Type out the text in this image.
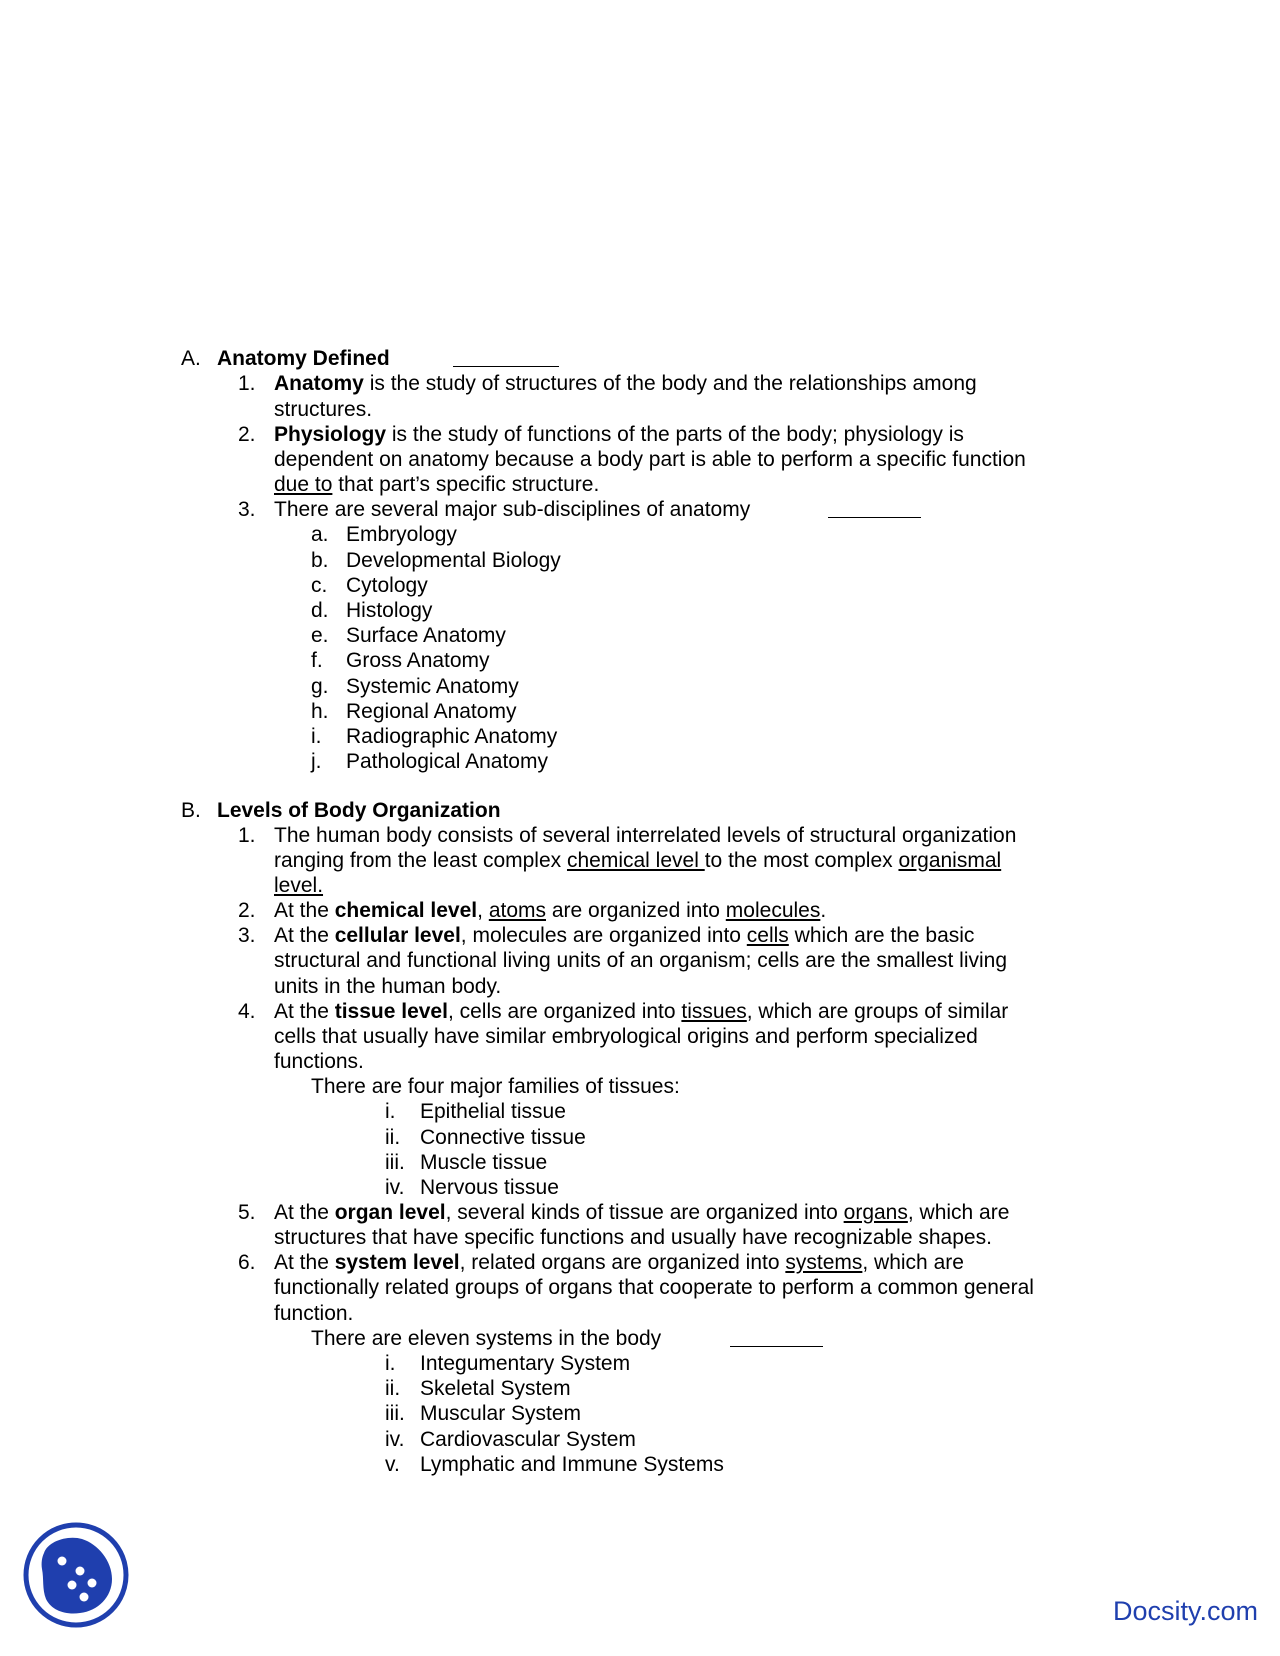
A. Anatomy Defined
1. Anatomy is the study of structures of the body and the relationships among
structures.
2. Physiology is the study of functions of the parts of the body; physiology is
dependent on anatomy because a body part is able to perform a specific function
due to that part’s specific structure.
3. There are several major sub-disciplines of anatomy
a. Embryology
b. Developmental Biology
c. Cytology
d. Histology
e. Surface Anatomy
f. Gross Anatomy
g. Systemic Anatomy
h. Regional Anatomy
i. Radiographic Anatomy
j. Pathological Anatomy
B. Levels of Body Organization
1. The human body consists of several interrelated levels of structural organization
ranging from the least complex chemical level to the most complex organismal
level.
2. At the chemical level, atoms are organized into molecules.
3. At the cellular level, molecules are organized into cells which are the basic
structural and functional living units of an organism; cells are the smallest living
units in the human body.
4. At the tissue level, cells are organized into tissues, which are groups of similar
cells that usually have similar embryological origins and perform specialized
functions.
There are four major families of tissues:
i. Epithelial tissue
ii. Connective tissue
iii. Muscle tissue
iv. Nervous tissue
5. At the organ level, several kinds of tissue are organized into organs, which are
structures that have specific functions and usually have recognizable shapes.
6. At the system level, related organs are organized into systems, which are
functionally related groups of organs that cooperate to perform a common general
function.
There are eleven systems in the body
i. Integumentary System
ii. Skeletal System
iii. Muscular System
iv. Cardiovascular System
v. Lymphatic and Immune Systems
Docsity.com
